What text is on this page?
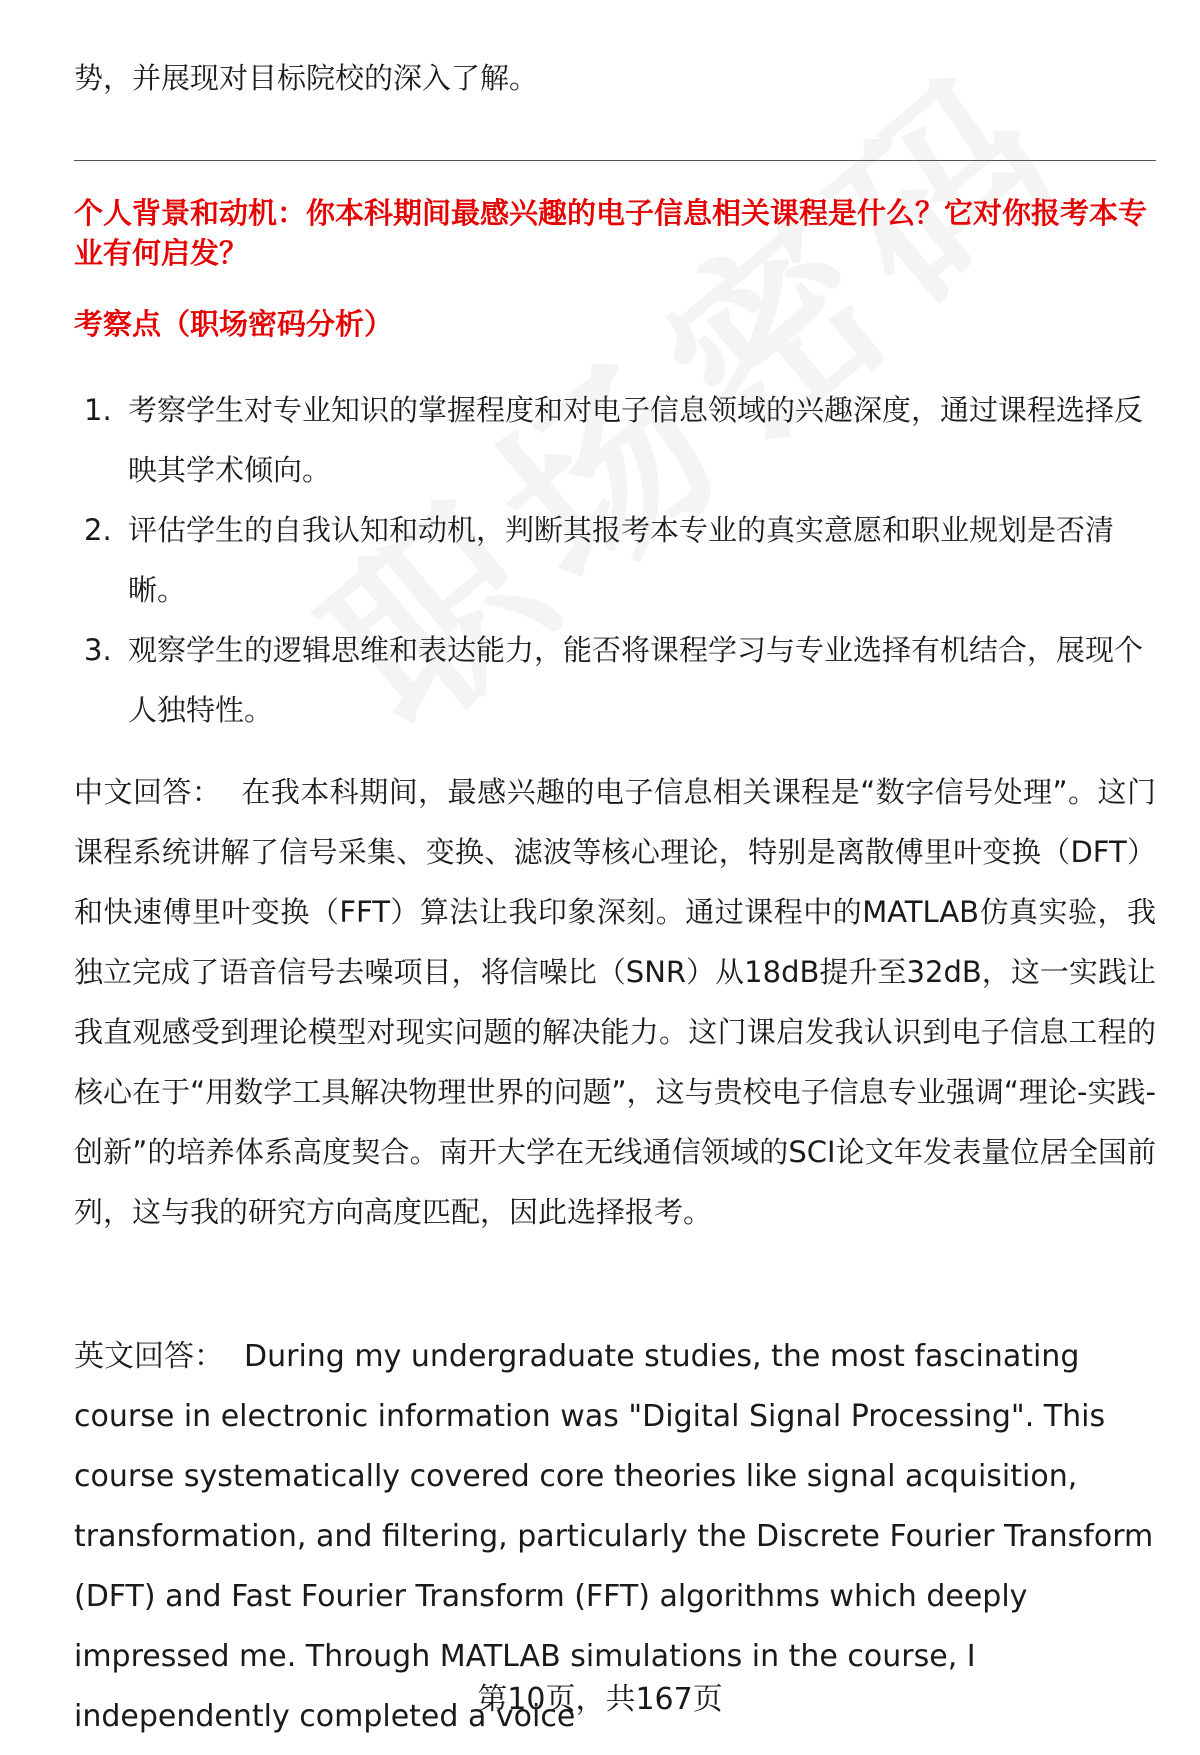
势，并展现对目标院校的深入了解。
个人背景和动机：你本科期间最感兴趣的电子信息相关课程是什么？它对你报考本专业有何启发？
考察点（职场密码分析）
1. 考察学生对专业知识的掌握程度和对电子信息领域的兴趣深度，通过课程选择反映其学术倾向。
2. 评估学生的自我认知和动机，判断其报考本专业的真实意愿和职业规划是否清晰。
3. 观察学生的逻辑思维和表达能力，能否将课程学习与专业选择有机结合，展现个人独特性。
中文回答： 在我本科期间，最感兴趣的电子信息相关课程是“数字信号处理”。这门课程系统讲解了信号采集、变换、滤波等核心理论，特别是离散傅里叶变换（DFT）和快速傅里叶变换（FFT）算法让我印象深刻。通过课程中的MATLAB仿真实验，我独立完成了语音信号去噪项目，将信噪比（SNR）从18dB提升至32dB，这一实践让我直观感受到理论模型对现实问题的解决能力。这门课启发我认识到电子信息工程的核心在于“用数学工具解决物理世界的问题”，这与贵校电子信息专业强调“理论-实践-创新”的培养体系高度契合。南开大学在无线通信领域的SCI论文年发表量位居全国前列，这与我的研究方向高度匹配，因此选择报考。
英文回答： During my undergraduate studies, the most fascinating course in electronic information was "Digital Signal Processing". This course systematically covered core theories like signal acquisition, transformation, and filtering, particularly the Discrete Fourier Transform (DFT) and Fast Fourier Transform (FFT) algorithms which deeply impressed me. Through MATLAB simulations in the course, I independently completed a voice
第10页，共167页
